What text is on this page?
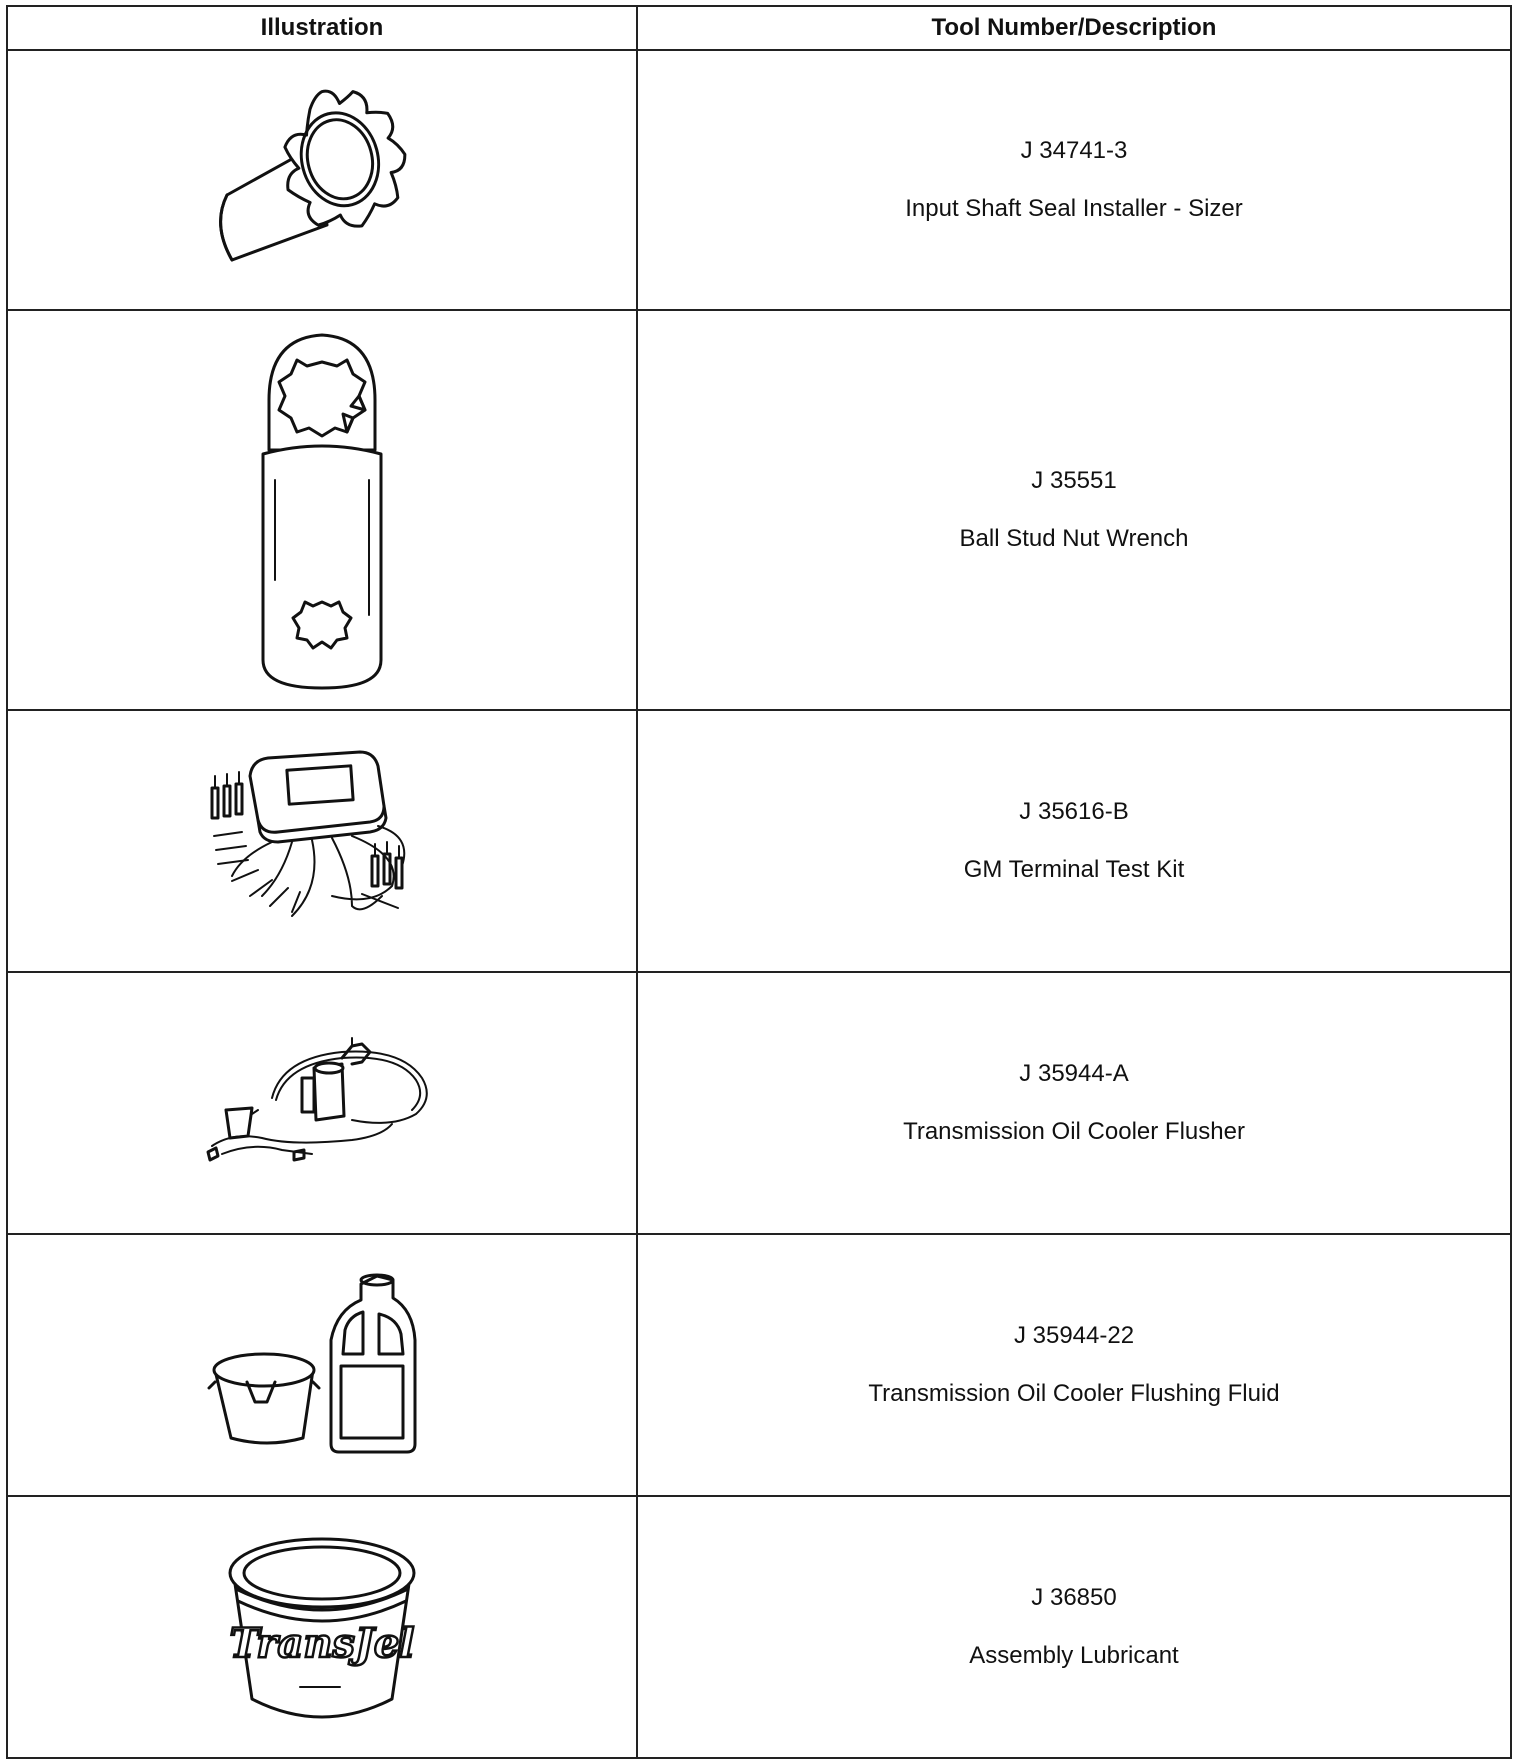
Illustration	Tool Number/Description

J 34741-3
Input Shaft Seal Installer - Sizer

J 35551
Ball Stud Nut Wrench

J 35616-B
GM Terminal Test Kit

J 35944-A
Transmission Oil Cooler Flusher

J 35944-22
Transmission Oil Cooler Flushing Fluid

TransJel	J 36850
Assembly Lubricant
